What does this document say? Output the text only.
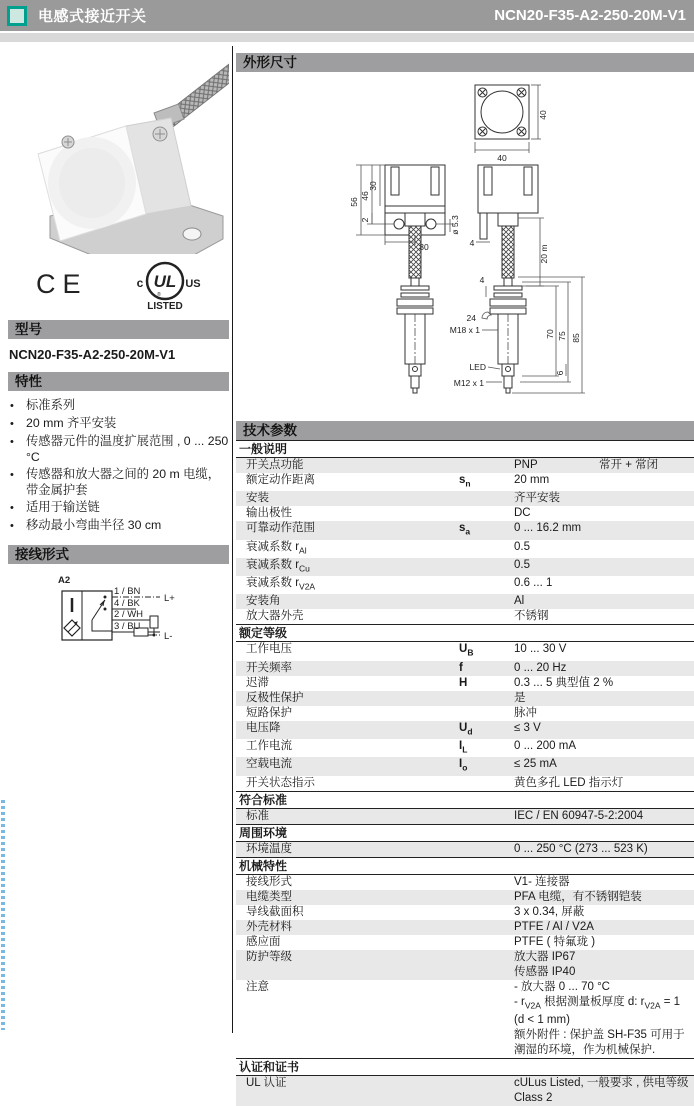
电感式接近开关	NCN20-F35-A2-250-20M-V1
CE	UL
®
c	US
LISTED
型号
NCN20-F35-A2-250-20M-V1
特性
•
标准系列
•
20 mm 齐平安装
•
传感器元件的温度扩展范围 , 0 ... 250 °C
•
传感器和放大器之间的 20 m 电缆，带金属护套
•
适用于输送链
•
移动最小弯曲半径 30 cm
接线形式
A2
1 / BN
4 / BK
2 / WH
3 / BU
L+
L-
外形尺寸
40
40
56
46
30
2	ø 5.3
30	4
20 m
4
24
M18 x 1	70 75 85
6
LED
M12 x 1
技术参数
一般说明
开关点功能	PNP	常开 + 常闭
额定动作距离	$s_n$	20 mm
安装	齐平安装
输出极性	DC
可靠动作范围	$s_a$	0 ... 16.2 mm
衰减系数 $r_{Al}$	0.5
衰减系数 $r_{Cu}$	0.5
衰减系数 $r_{V2A}$	0.6 ... 1
安装角	Al
放大器外壳	不锈钢
额定等级
工作电压	$U_B$	10 ... 30 V
开关频率	f	0 ... 20 Hz
迟滞	H	0.3 ... 5 典型值 2 %
反极性保护	是
短路保护	脉冲
电压降	$U_d$	≤ 3 V
工作电流	$I_L$	0 ... 200 mA
空载电流	$I_o$	≤ 25 mA
开关状态指示	黄色多孔 LED 指示灯
符合标准
标准	IEC / EN 60947-5-2:2004
周围环境
环境温度	0 ... 250 °C (273 ... 523 K)
机械特性
接线形式	V1- 连接器
电缆类型	PFA 电缆，有不锈钢铠装
导线截面积	3 x 0.34, 屏蔽
外壳材料	PTFE / Al / V2A
感应面	PTFE ( 特氟珑 )
防护等级	放大器 IP67
传感器 IP40
注意	- 放大器 0 ... 70 °C
- $r_{V2A}$ 根据测量板厚度 d: $r_{V2A} = 1$ (d < 1 mm)
额外附件 : 保护盖 SH-F35 可用于潮湿的环境，作为机械保护.
认证和证书
UL 认证	cULus Listed, 一般要求 , 供电等级 Class 2
